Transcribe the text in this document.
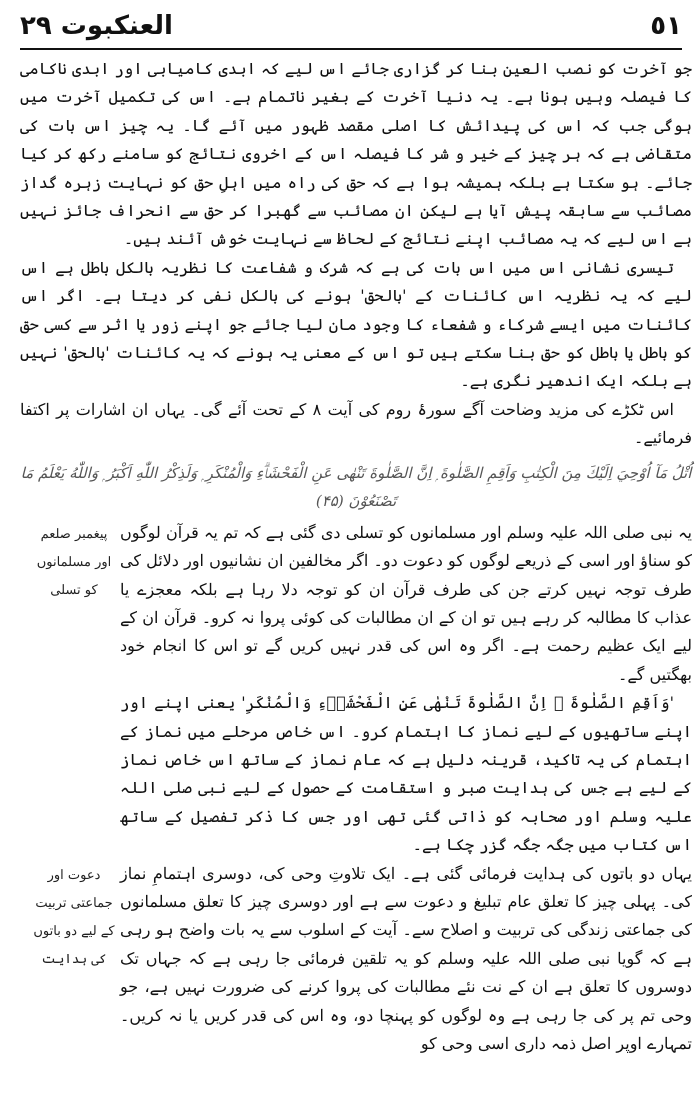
٥١
العنکبوت ۲۹

جو آخرت کو نصب العین بنا کر گزاری جائے اس لیے کہ ابدی کامیابی اور ابدی ناکامی کا فیصلہ وہیں ہونا ہے۔ یہ دنیا آخرت کے بغیر ناتمام ہے۔ اس کی تکمیل آخرت میں ہوگی جب کہ اس کی پیدائش کا اصلی مقصد ظہور میں آئے گا۔ یہ چیز اس بات کی متقاضی ہے کہ ہر چیز کے خیر و شر کا فیصلہ اس کے اخروی نتائج کو سامنے رکھ کر کیا جائے۔ ہو سکتا ہے بلکہ ہمیشہ ہوا ہے کہ حق کی راہ میں اہلِ حق کو نہایت زہرہ گداز مصائب سے سابقہ پیش آیا ہے لیکن ان مصائب سے گھبرا کر حق سے انحراف جائز نہیں ہے اس لیے کہ یہ مصائب اپنے نتائج کے لحاظ سے نہایت خوش آئند ہیں۔

تیسری نشانی اس میں اس بات کی ہے کہ شرک و شفاعت کا نظریہ بالکل باطل ہے اس لیے کہ یہ نظریہ اس کائنات کے 'بالحق' ہونے کی بالکل نفی کر دیتا ہے۔ اگر اس کائنات میں ایسے شرکاء و شفعاء کا وجود مان لیا جائے جو اپنے زور یا اثر سے کسی حق کو باطل یا باطل کو حق بنا سکتے ہیں تو اس کے معنی یہ ہونے کہ یہ کائنات 'بالحق' نہیں ہے بلکہ ایک اندھیر نگری ہے۔

اس ٹکڑے کی مزید وضاحت آگے سورۂ روم کی آیت ۸ کے تحت آئے گی۔ یہاں ان اشارات پر اکتفا فرمائیے۔

اُتْلُ مَآ اُوْحِيَ اِلَيْكَ مِنَ الْكِتٰبِ وَاَقِمِ الصَّلٰوةَ ۭ اِنَّ الصَّلٰوةَ تَنْهٰى عَنِ الْفَحْشَاۗءِ وَالْمُنْكَرِ ۭ وَلَذِكْرُ اللّٰهِ اَكْبَرُ ۭ وَاللّٰهُ يَعْلَمُ مَا تَصْنَعُوْنَ (۴۵)

یہ نبی صلی اللہ علیہ وسلم اور مسلمانوں کو تسلی دی گئی ہے کہ تم یہ قرآن لوگوں کو سناؤ اور اسی کے ذریعے لوگوں کو دعوت دو۔ اگر مخالفین ان نشانیوں اور دلائل کی طرف توجہ نہیں کرتے جن کی طرف قرآن ان کو توجہ دلا رہا ہے بلکہ معجزے یا عذاب کا مطالبہ کر رہے ہیں تو ان کے ان مطالبات کی کوئی پروا نہ کرو۔ قرآن ان کے لیے ایک عظیم رحمت ہے۔ اگر وہ اس کی قدر نہیں کریں گے تو اس کا انجام خود بھگتیں گے۔

'وَاَقِمِ الصَّلٰوةَ ۭ اِنَّ الصَّلٰوةَ تَنْهٰى عَنِ الْفَحْشَاۗءِ وَالْمُنْكَرِ' یعنی اپنے اور اپنے ساتھیوں کے لیے نماز کا اہتمام کرو۔ اس خاص مرحلے میں نماز کے اہتمام کی یہ تاکید، قرینہ دلیل ہے کہ عام نماز کے ساتھ اس خاص نماز کے لیے ہے جس کی ہدایت صبر و استقامت کے حصول کے لیے نبی صلی اللہ علیہ وسلم اور صحابہ کو ذاتی گئی تھی اور جس کا ذکر تفصیل کے ساتھ اس کتاب میں جگہ جگہ گزر چکا ہے۔

پیغمبر صلعم
اور مسلمانوں
کو تسلی

یہاں دو باتوں کی ہدایت فرمائی گئی ہے۔ ایک تلاوتِ وحی کی، دوسری اہتمامِ نماز کی۔ پہلی چیز کا تعلق عام تبلیغ و دعوت سے ہے اور دوسری چیز کا تعلق مسلمانوں کی جماعتی زندگی کی تربیت و اصلاح سے۔ آیت کے اسلوب سے یہ بات واضح ہو رہی ہے کہ گویا نبی صلی اللہ علیہ وسلم کو یہ تلقین فرمائی جا رہی ہے کہ جہاں تک دوسروں کا تعلق ہے ان کے نت نئے مطالبات کی پروا کرنے کی ضرورت نہیں ہے، جو وحی تم پر کی جا رہی ہے وہ لوگوں کو پہنچا دو، وہ اس کی قدر کریں یا نہ کریں۔ تمہارے اوپر اصل ذمہ داری اسی وحی کو

دعوت اور
جماعتی تربیت
کے لیے دو باتوں
کی ہدایت
